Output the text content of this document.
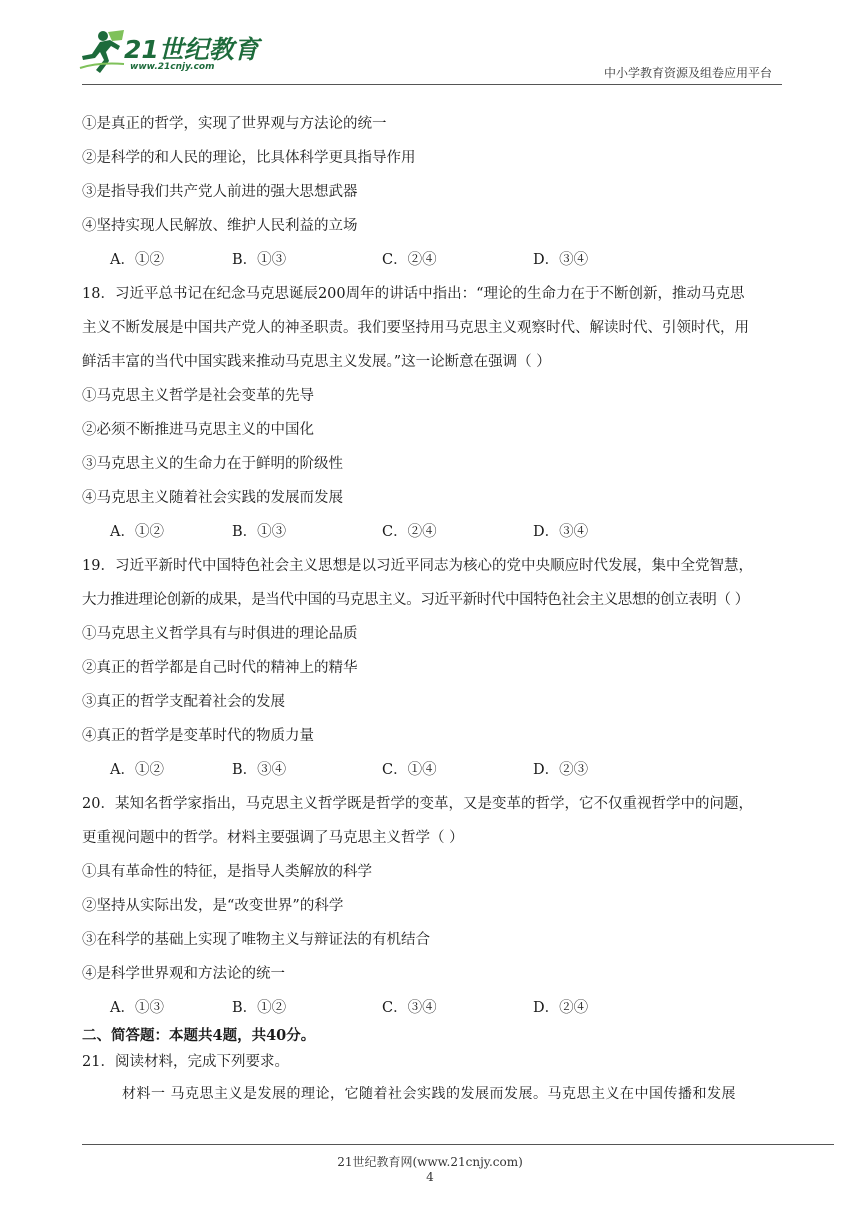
21世纪教育
www.21cnjy.com	中小学教育资源及组卷应用平台
①是真正的哲学，实现了世界观与方法论的统一
②是科学的和人民的理论，比具体科学更具指导作用
③是指导我们共产党人前进的强大思想武器
④坚持实现人民解放、维护人民利益的立场
A．①②	B．①③	C．②④	D．③④
18．习近平总书记在纪念马克思诞辰200周年的讲话中指出：“理论的生命力在于不断创新，推动马克思
主义不断发展是中国共产党人的神圣职责。我们要坚持用马克思主义观察时代、解读时代、引领时代，用
鲜活丰富的当代中国实践来推动马克思主义发展。”这一论断意在强调（ ）
①马克思主义哲学是社会变革的先导
②必须不断推进马克思主义的中国化
③马克思主义的生命力在于鲜明的阶级性
④马克思主义随着社会实践的发展而发展
A．①②	B．①③	C．②④	D．③④
19．习近平新时代中国特色社会主义思想是以习近平同志为核心的党中央顺应时代发展，集中全党智慧，
大力推进理论创新的成果，是当代中国的马克思主义。习近平新时代中国特色社会主义思想的创立表明（ ）
①马克思主义哲学具有与时俱进的理论品质
②真正的哲学都是自己时代的精神上的精华
③真正的哲学支配着社会的发展
④真正的哲学是变革时代的物质力量
A．①②	B．③④	C．①④	D．②③
20．某知名哲学家指出，马克思主义哲学既是哲学的变革，又是变革的哲学，它不仅重视哲学中的问题，
更重视问题中的哲学。材料主要强调了马克思主义哲学（ ）
①具有革命性的特征，是指导人类解放的科学
②坚持从实际出发，是“改变世界”的科学
③在科学的基础上实现了唯物主义与辩证法的有机结合
④是科学世界观和方法论的统一
A．①③	B．①②	C．③④	D．②④
二、简答题：本题共4题，共40分。
21．阅读材料，完成下列要求。
材料一 马克思主义是发展的理论，它随着社会实践的发展而发展。马克思主义在中国传播和发展
21世纪教育网(www.21cnjy.com)
4
